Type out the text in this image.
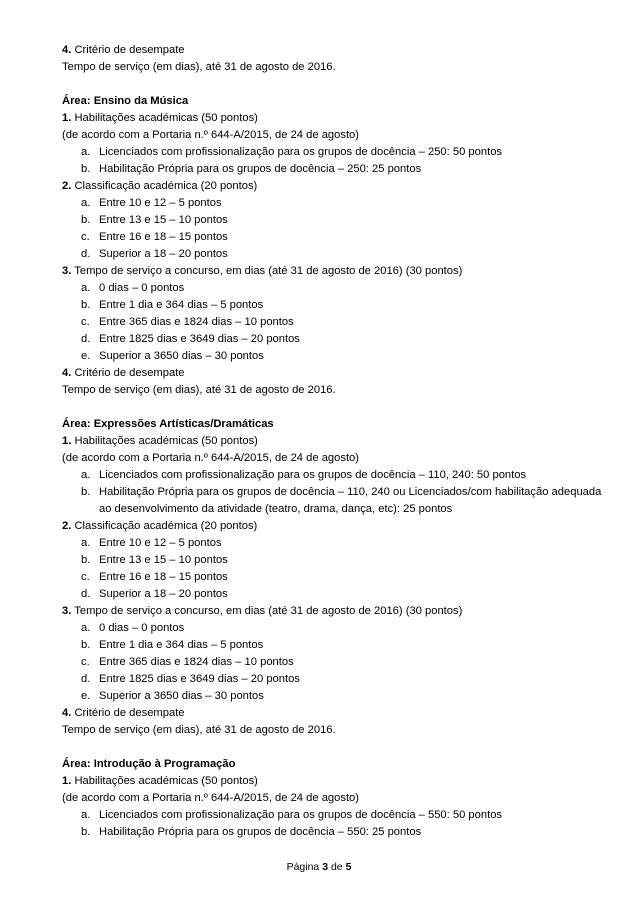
4. Critério de desempate
Tempo de serviço (em dias), até 31 de agosto de 2016.
Área: Ensino da Música
1. Habilitações académicas (50 pontos)
(de acordo com a Portaria n.º 644-A/2015, de 24 de agosto)
a. Licenciados com profissionalização para os grupos de docência – 250: 50 pontos
b. Habilitação Própria para os grupos de docência – 250: 25 pontos
2. Classificação académica (20 pontos)
a. Entre 10 e 12 – 5 pontos
b. Entre 13 e 15 – 10 pontos
c. Entre 16 e 18 – 15 pontos
d. Superior a 18 – 20 pontos
3. Tempo de serviço a concurso, em dias (até 31 de agosto de 2016) (30 pontos)
a. 0 dias – 0 pontos
b. Entre 1 dia e 364 dias – 5 pontos
c. Entre 365 dias e 1824 dias – 10 pontos
d. Entre 1825 dias e 3649 dias – 20 pontos
e. Superior a 3650 dias – 30 pontos
4. Critério de desempate
Tempo de serviço (em dias), até 31 de agosto de 2016.
Área: Expressões Artísticas/Dramáticas
1. Habilitações académicas (50 pontos)
(de acordo com a Portaria n.º 644-A/2015, de 24 de agosto)
a. Licenciados com profissionalização para os grupos de docência – 110, 240: 50 pontos
b. Habilitação Própria para os grupos de docência – 110, 240 ou Licenciados/com habilitação adequada
ao desenvolvimento da atividade (teatro, drama, dança, etc): 25 pontos
2. Classificação académica (20 pontos)
a. Entre 10 e 12 – 5 pontos
b. Entre 13 e 15 – 10 pontos
c. Entre 16 e 18 – 15 pontos
d. Superior a 18 – 20 pontos
3. Tempo de serviço a concurso, em dias (até 31 de agosto de 2016) (30 pontos)
a. 0 dias – 0 pontos
b. Entre 1 dia e 364 dias – 5 pontos
c. Entre 365 dias e 1824 dias – 10 pontos
d. Entre 1825 dias e 3649 dias – 20 pontos
e. Superior a 3650 dias – 30 pontos
4. Critério de desempate
Tempo de serviço (em dias), até 31 de agosto de 2016.
Área: Introdução à Programação
1. Habilitações académicas (50 pontos)
(de acordo com a Portaria n.º 644-A/2015, de 24 de agosto)
a. Licenciados com profissionalização para os grupos de docência – 550: 50 pontos
b. Habilitação Própria para os grupos de docência – 550: 25 pontos
Página 3 de 5
